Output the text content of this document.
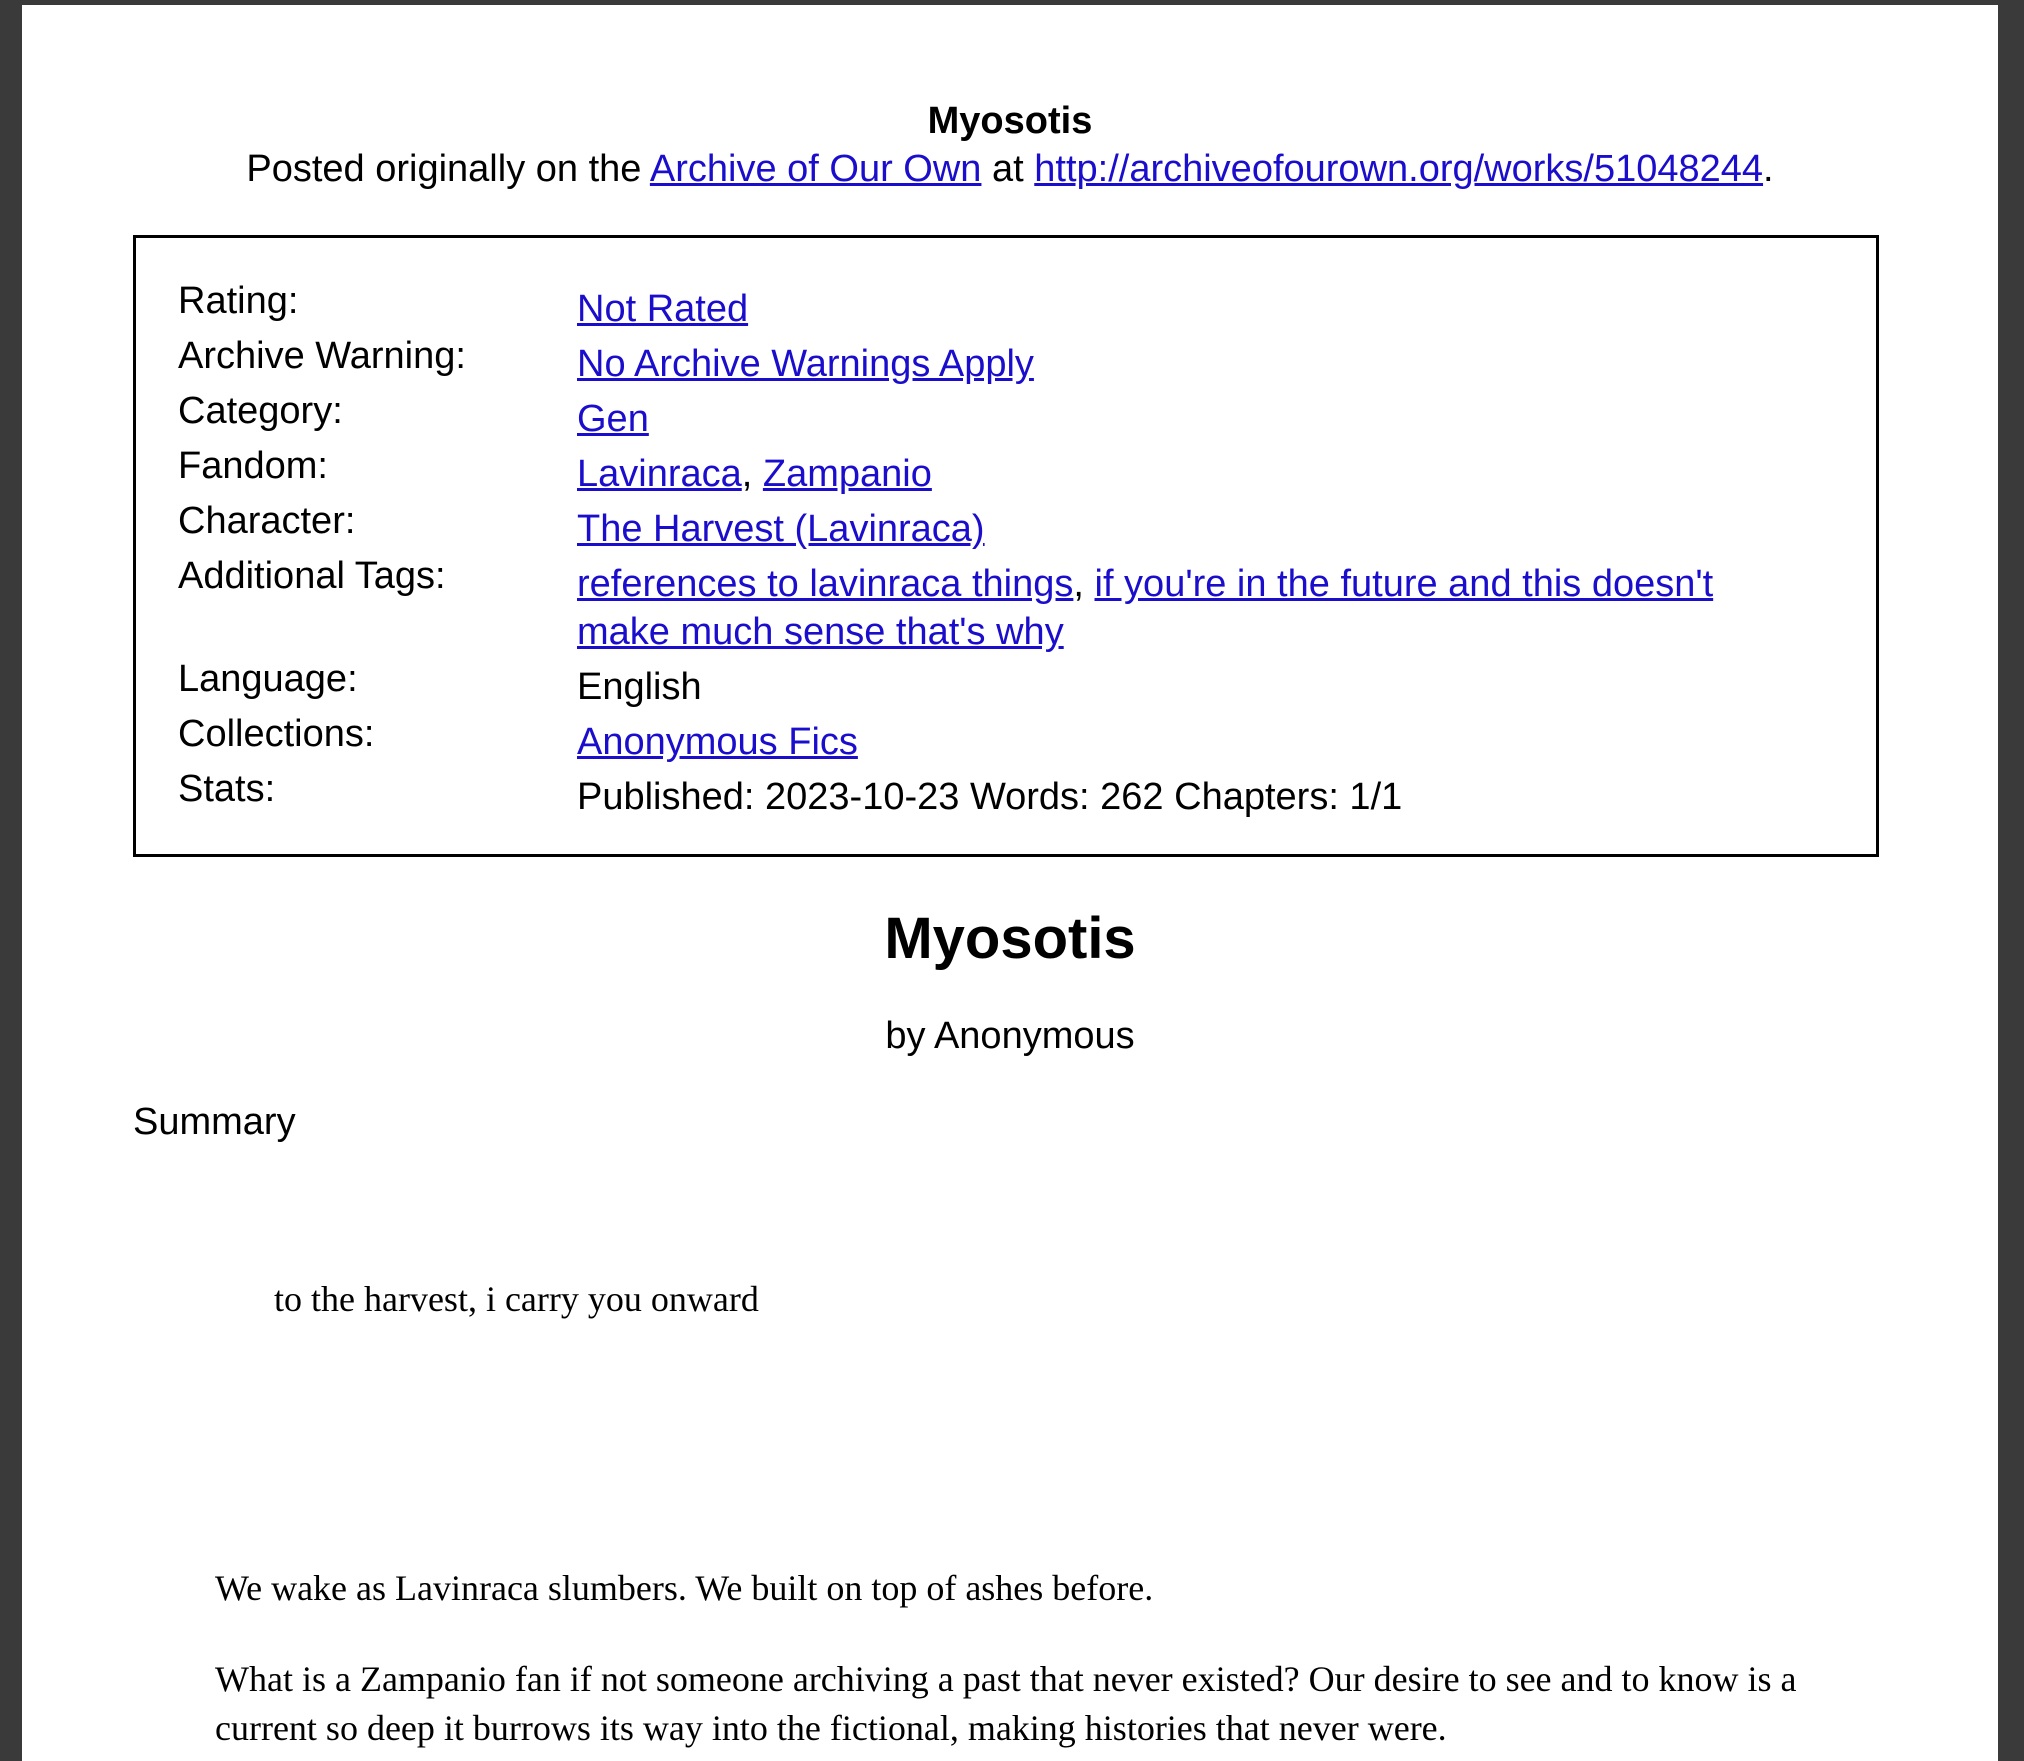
Myosotis
Posted originally on the Archive of Our Own at http://archiveofourown.org/works/51048244.
Rating:	Not Rated
Archive Warning:	No Archive Warnings Apply
Category:	Gen
Fandom:	Lavinraca, Zampanio
Character:	The Harvest (Lavinraca)
Additional Tags:	references to lavinraca things, if you're in the future and this doesn't make much sense that's why
Language:	English
Collections:	Anonymous Fics
Stats:	Published: 2023-10-23 Words: 262 Chapters: 1/1
Myosotis
by Anonymous
Summary
to the harvest, i carry you onward
We wake as Lavinraca slumbers. We built on top of ashes before.
What is a Zampanio fan if not someone archiving a past that never existed? Our desire to see and to know is a current so deep it burrows its way into the fictional, making histories that never were.
